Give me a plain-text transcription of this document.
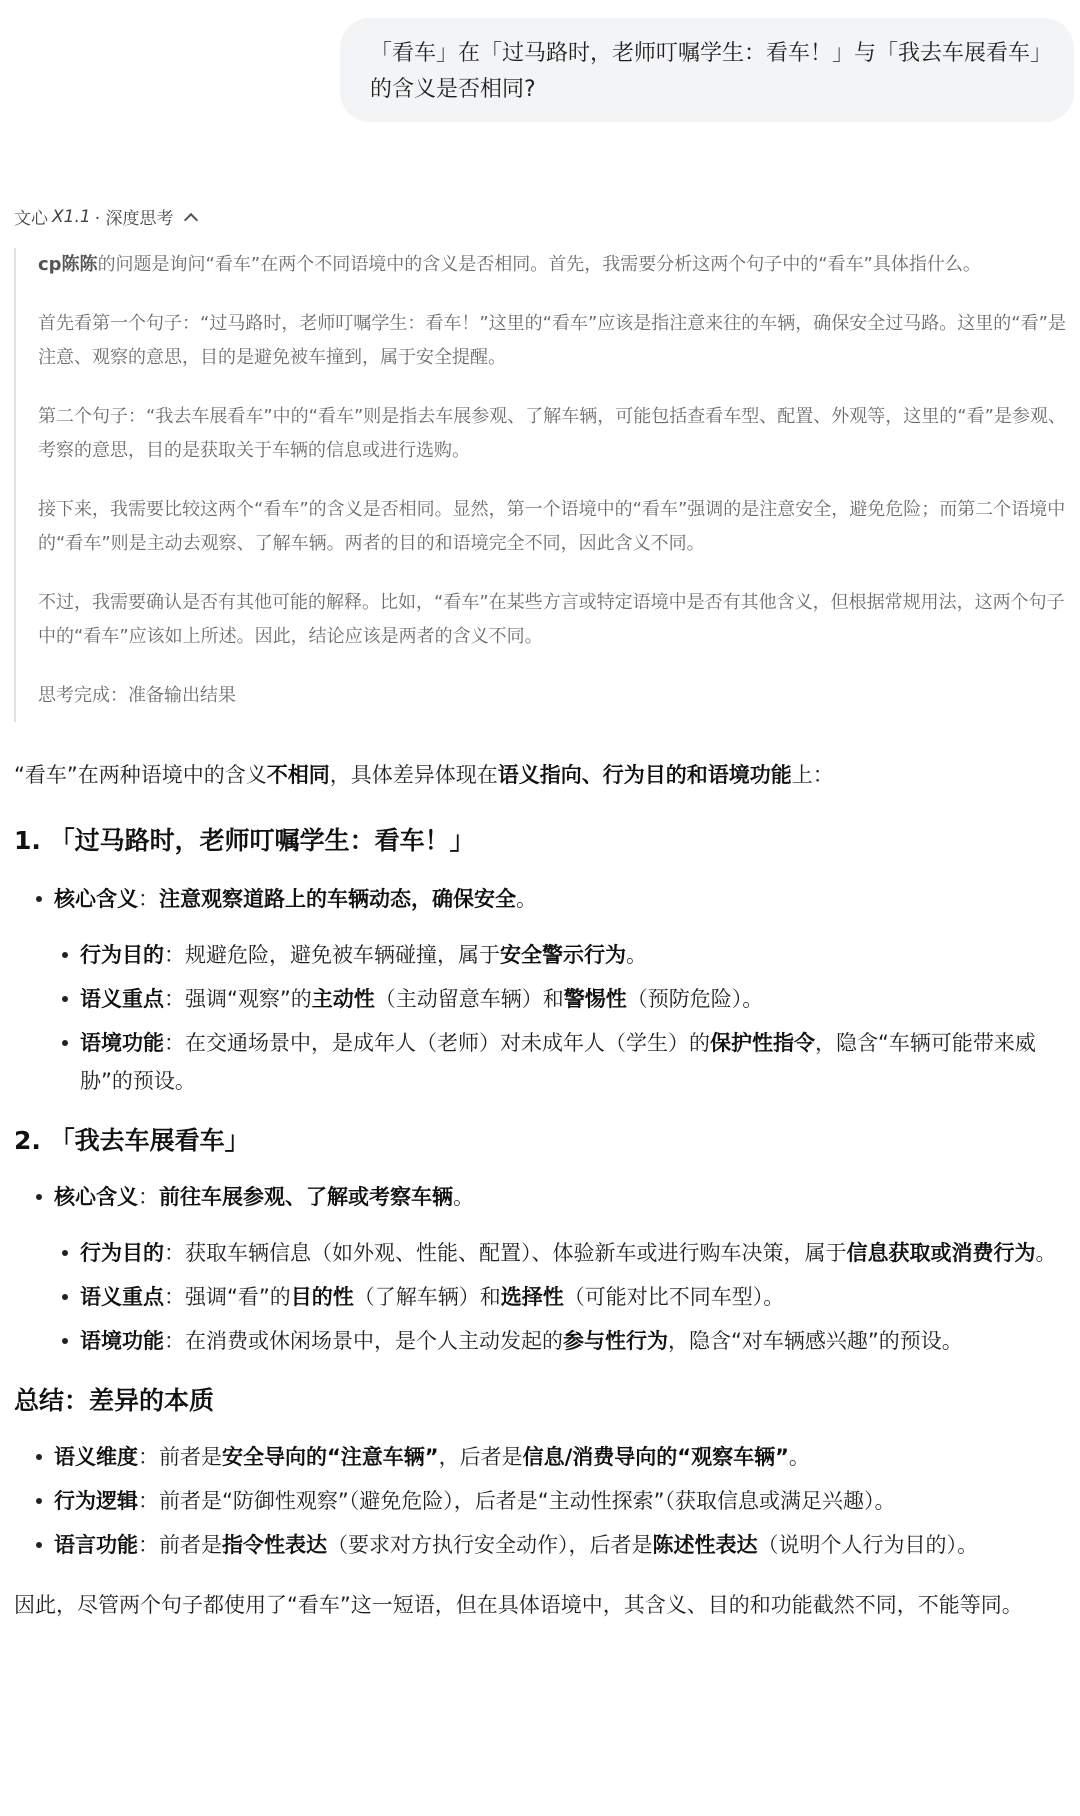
「看车」在「过马路时，老师叮嘱学生：看车！」与「我去车展看车」
的含义是否相同?
文心 X1.1 · 深度思考

cp陈陈的问题是询问“看车”在两个不同语境中的含义是否相同。首先，我需要分析这两个句子中的“看车”具体指什么。

首先看第一个句子：“过马路时，老师叮嘱学生：看车！”这里的“看车”应该是指注意来往的车辆，确保安全过马路。这里的“看”是注意、观察的意思，目的是避免被车撞到，属于安全提醒。

第二个句子：“我去车展看车”中的“看车”则是指去车展参观、了解车辆，可能包括查看车型、配置、外观等，这里的“看”是参观、考察的意思，目的是获取关于车辆的信息或进行选购。

接下来，我需要比较这两个“看车”的含义是否相同。显然，第一个语境中的“看车”强调的是注意安全，避免危险；而第二个语境中的“看车”则是主动去观察、了解车辆。两者的目的和语境完全不同，因此含义不同。

不过，我需要确认是否有其他可能的解释。比如，“看车”在某些方言或特定语境中是否有其他含义，但根据常规用法，这两个句子中的“看车”应该如上所述。因此，结论应该是两者的含义不同。

思考完成：准备输出结果

“看车”在两种语境中的含义不相同，具体差异体现在语义指向、行为目的和语境功能上：

1. 「过马路时，老师叮嘱学生：看车！」
核心含义：注意观察道路上的车辆动态，确保安全。
行为目的：规避危险，避免被车辆碰撞，属于安全警示行为。
语义重点：强调“观察”的主动性（主动留意车辆）和警惕性（预防危险）。
语境功能：在交通场景中，是成年人（老师）对未成年人（学生）的保护性指令，隐含“车辆可能带来威胁”的预设。
2. 「我去车展看车」
核心含义：前往车展参观、了解或考察车辆。
行为目的：获取车辆信息（如外观、性能、配置）、体验新车或进行购车决策，属于信息获取或消费行为。
语义重点：强调“看”的目的性（了解车辆）和选择性（可能对比不同车型）。
语境功能：在消费或休闲场景中，是个人主动发起的参与性行为，隐含“对车辆感兴趣”的预设。
总结：差异的本质
语义维度：前者是安全导向的“注意车辆”，后者是信息/消费导向的“观察车辆”。
行为逻辑：前者是“防御性观察”（避免危险），后者是“主动性探索”（获取信息或满足兴趣）。
语言功能：前者是指令性表达（要求对方执行安全动作），后者是陈述性表达（说明个人行为目的）。

因此，尽管两个句子都使用了“看车”这一短语，但在具体语境中，其含义、目的和功能截然不同，不能等同。
